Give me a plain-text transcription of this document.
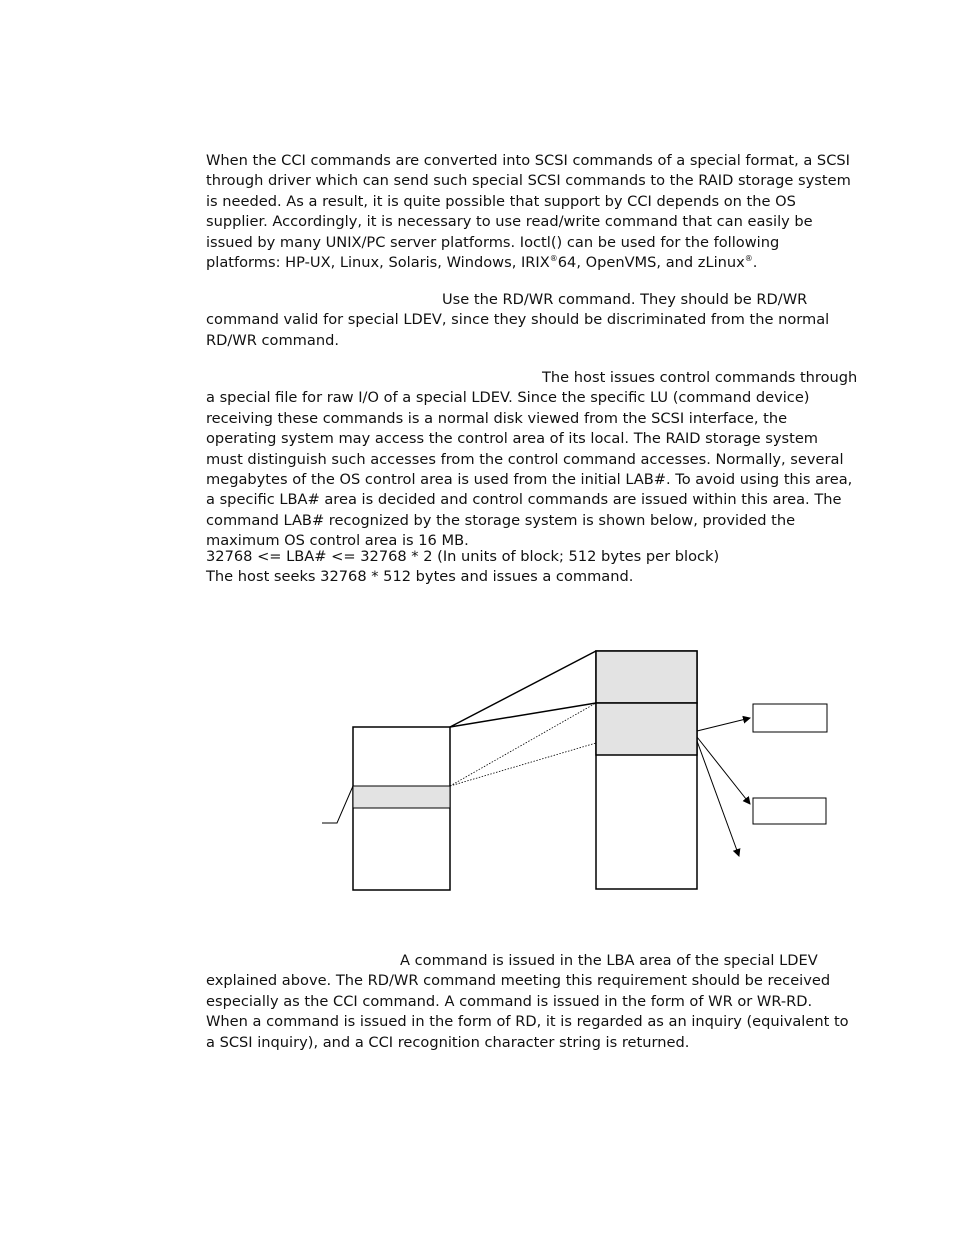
When the CCI commands are converted into SCSI commands of a special format, a SCSI through driver which can send such special SCSI commands to the RAID storage system is needed. As a result, it is quite possible that support by CCI depends on the OS supplier. Accordingly, it is necessary to use read/write command that can easily be issued by many UNIX/PC server platforms. Ioctl() can be used for the following platforms: HP-UX, Linux, Solaris, Windows, IRIX®64, OpenVMS, and zLinux®.

Use the RD/WR command. They should be RD/WR command valid for special LDEV, since they should be discriminated from the normal RD/WR command.

The host issues control commands through a special file for raw I/O of a special LDEV. Since the specific LU (command device) receiving these commands is a normal disk viewed from the SCSI interface, the operating system may access the control area of its local. The RAID storage system must distinguish such accesses from the control command accesses. Normally, several megabytes of the OS control area is used from the initial LAB#. To avoid using this area, a specific LBA# area is decided and control commands are issued within this area. The command LAB# recognized by the storage system is shown below, provided the maximum OS control area is 16 MB.

32768 <= LBA# <= 32768 * 2 (In units of block; 512 bytes per block)
The host seeks 32768 * 512 bytes and issues a command.

A command is issued in the LBA area of the special LDEV explained above. The RD/WR command meeting this requirement should be received especially as the CCI command. A command is issued in the form of WR or WR-RD. When a command is issued in the form of RD, it is regarded as an inquiry (equivalent to a SCSI inquiry), and a CCI recognition character string is returned.
